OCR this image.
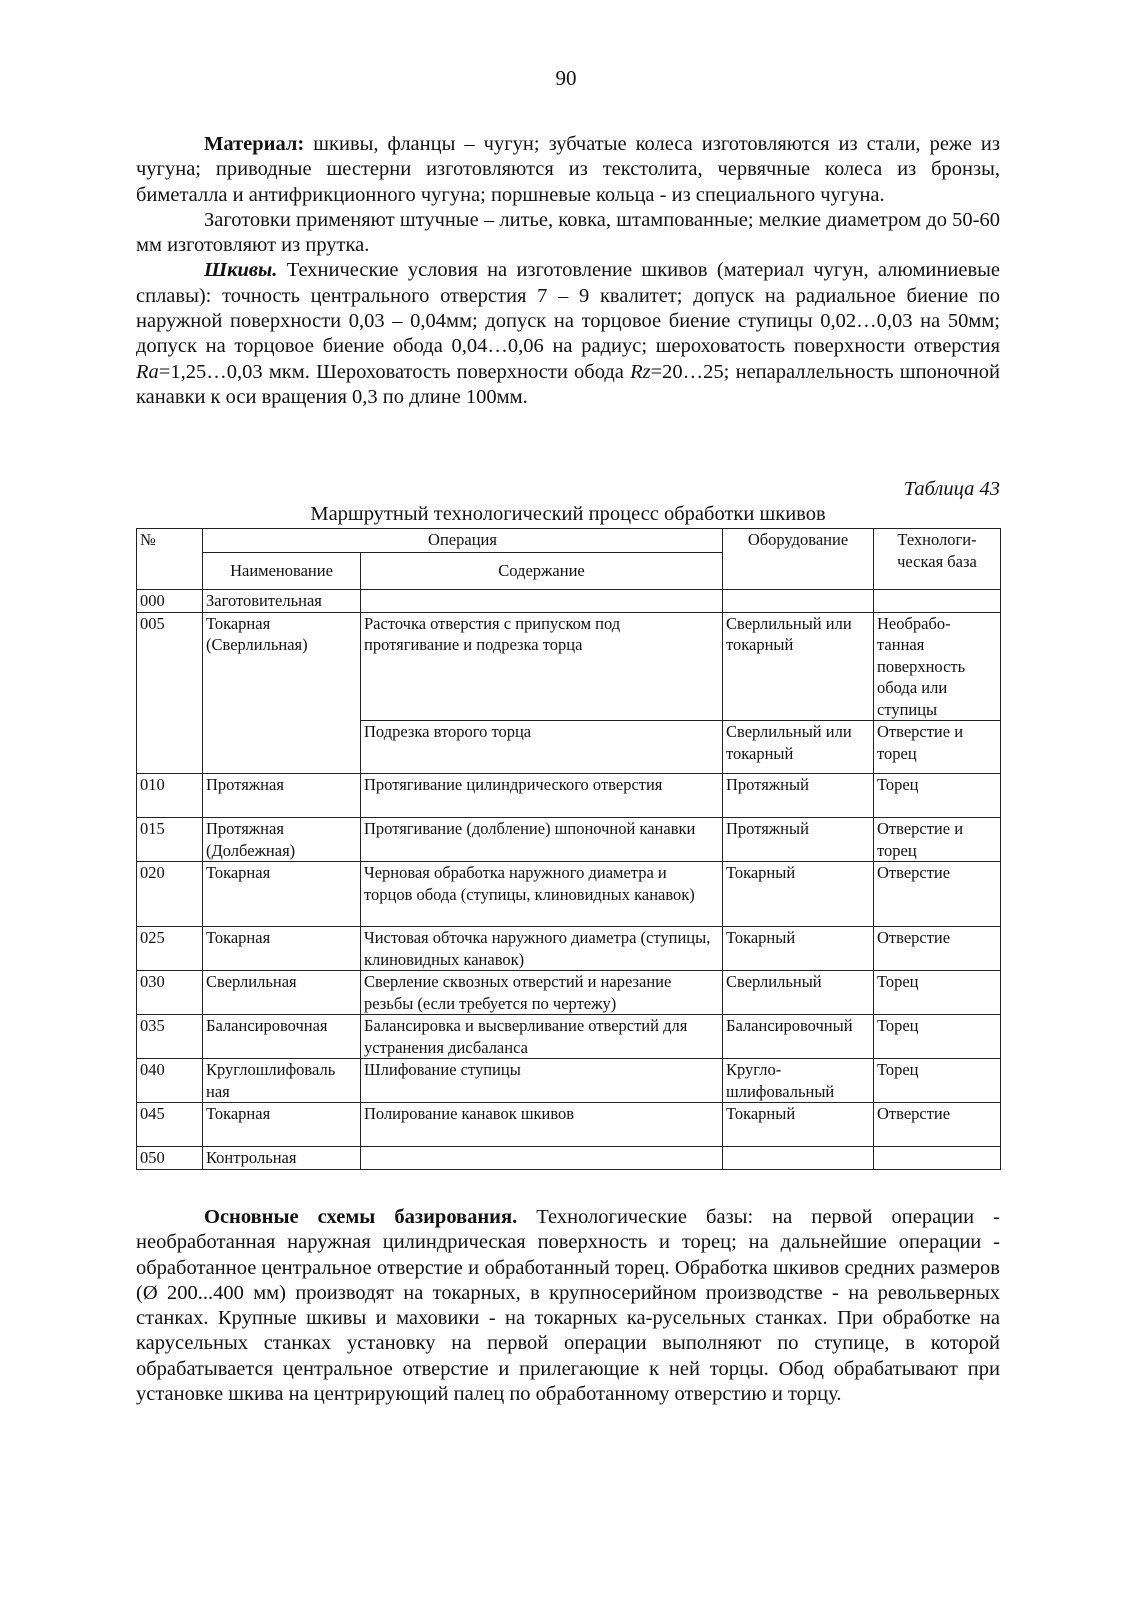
90

Материал: шкивы, фланцы – чугун; зубчатые колеса изготовляются из стали, реже из чугуна; приводные шестерни изготовляются из текстолита, червячные колеса из бронзы, биметалла и антифрикционного чугуна; поршневые кольца - из специального чугуна.

Заготовки применяют штучные – литье, ковка, штампованные; мелкие диаметром до 50-60 мм изготовляют из прутка.

Шкивы. Технические условия на изготовление шкивов (материал чугун, алюминиевые сплавы): точность центрального отверстия 7 – 9 квалитет; допуск на радиальное биение по наружной поверхности 0,03 – 0,04мм; допуск на торцовое биение ступицы 0,02…0,03 на 50мм; допуск на торцовое биение обода 0,04…0,06 на радиус; шероховатость поверхности отверстия Ra=1,25…0,03 мкм. Шероховатость поверхности обода Rz=20…25; непараллельность шпоночной канавки к оси вращения 0,3 по длине 100мм.

Таблица 43
Маршрутный технологический процесс обработки шкивов
№	Операция		Оборудование	Технологи-ческая база
	Наименование	Содержание		
000	Заготовительная			
005	Токарная (Сверлильная)	Расточка отверстия с припуском под протягивание и подрезка торца	Сверлильный или токарный	Необрабо-танная поверхность обода или ступицы
		Подрезка второго торца	Сверлильный или токарный	Отверстие и торец
010	Протяжная	Протягивание цилиндрического отверстия	Протяжный	Торец
015	Протяжная (Долбежная)	Протягивание (долбление) шпоночной канавки	Протяжный	Отверстие и торец
020	Токарная	Черновая обработка наружного диаметра и торцов обода (ступицы, клиновидных канавок)	Токарный	Отверстие
025	Токарная	Чистовая обточка наружного диаметра (ступицы, клиновидных канавок)	Токарный	Отверстие
030	Сверлильная	Сверление сквозных отверстий и нарезание резьбы (если требуется по чертежу)	Сверлильный	Торец
035	Балансировочная	Балансировка и высверливание отверстий для устранения дисбаланса	Балансировочный	Торец
040	Круглошлифоваль ная	Шлифование ступицы	Кругло-шлифовальный	Торец
045	Токарная	Полирование канавок шкивов	Токарный	Отверстие
050	Контрольная			

Основные схемы базирования. Технологические базы: на первой операции - необработанная наружная цилиндрическая поверхность и торец; на дальнейшие операции - обработанное центральное отверстие и обработанный торец. Обработка шкивов средних размеров (Ø 200...400 мм) производят на токарных, в крупносерийном производстве - на револьверных станках. Крупные шкивы и маховики - на токарных ка-русельных станках. При обработке на карусельных станках установку на первой операции выполняют по ступице, в которой обрабатывается центральное отверстие и прилегающие к ней торцы. Обод обрабатывают при установке шкива на центрирующий палец по обработанному отверстию и торцу.
